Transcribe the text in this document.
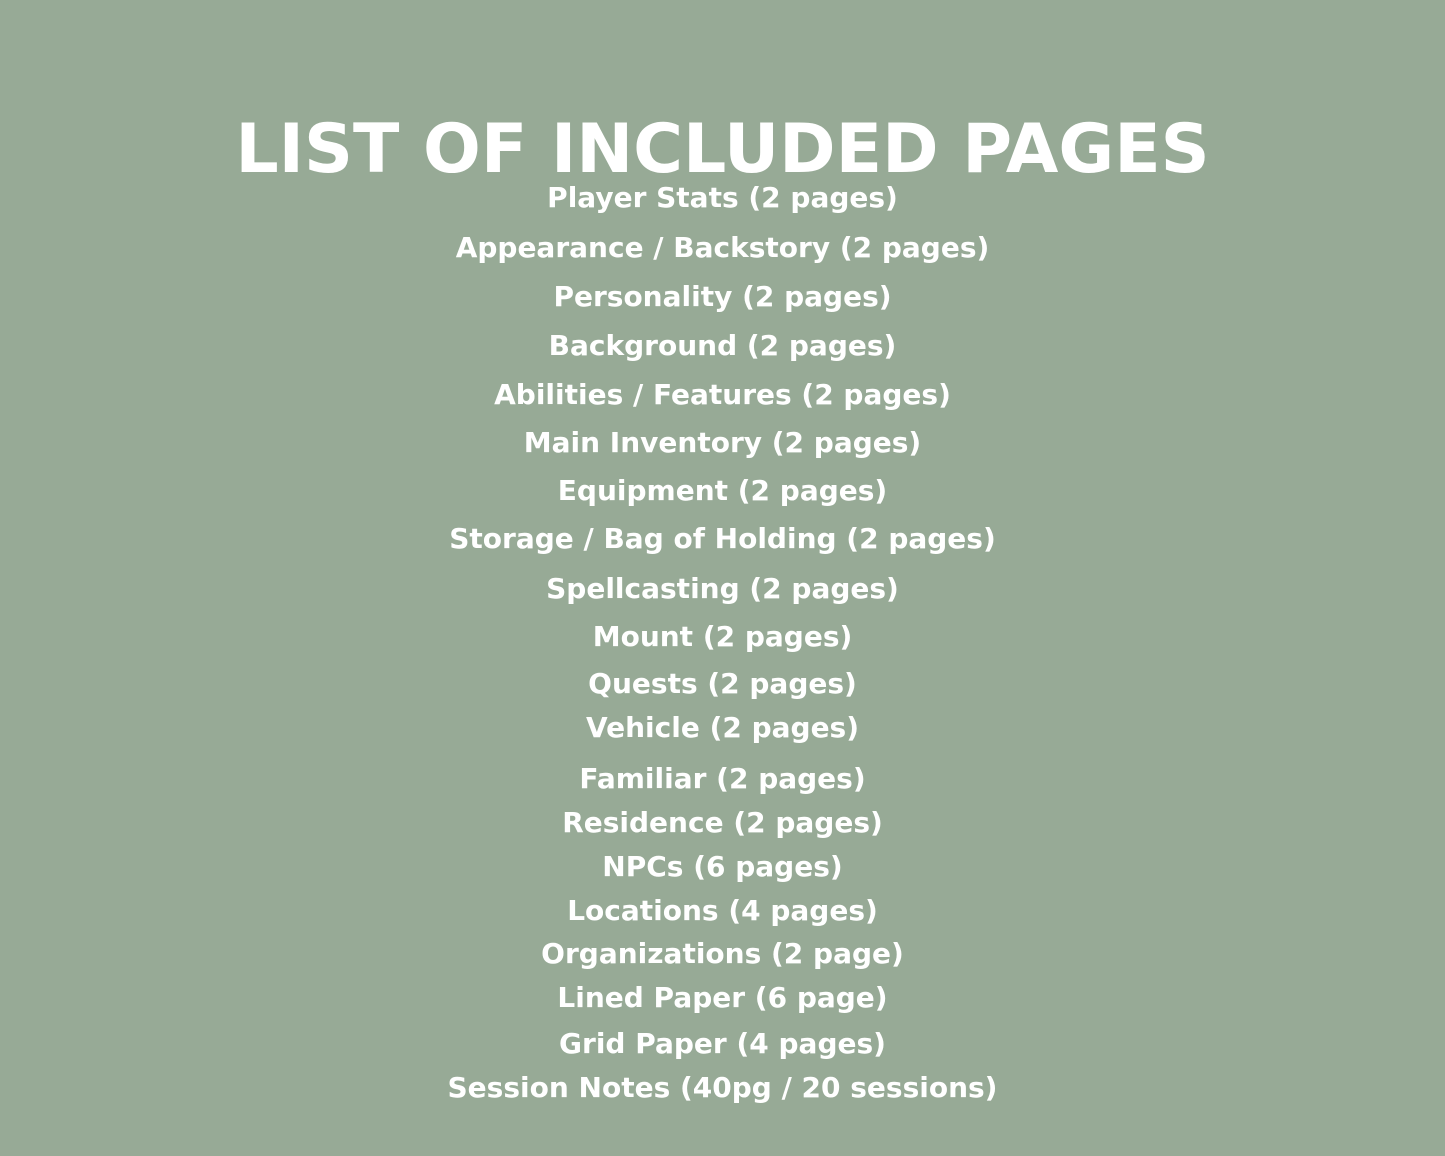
LIST OF INCLUDED PAGES
Player Stats (2 pages)
Appearance / Backstory (2 pages)
Personality (2 pages)
Background (2 pages)
Abilities / Features (2 pages)
Main Inventory (2 pages)
Equipment (2 pages)
Storage / Bag of Holding (2 pages)
Spellcasting (2 pages)
Mount (2 pages)
Quests (2 pages)
Vehicle (2 pages)
Familiar (2 pages)
Residence (2 pages)
NPCs (6 pages)
Locations (4 pages)
Organizations (2 page)
Lined Paper (6 page)
Grid Paper (4 pages)
Session Notes (40pg / 20 sessions)
